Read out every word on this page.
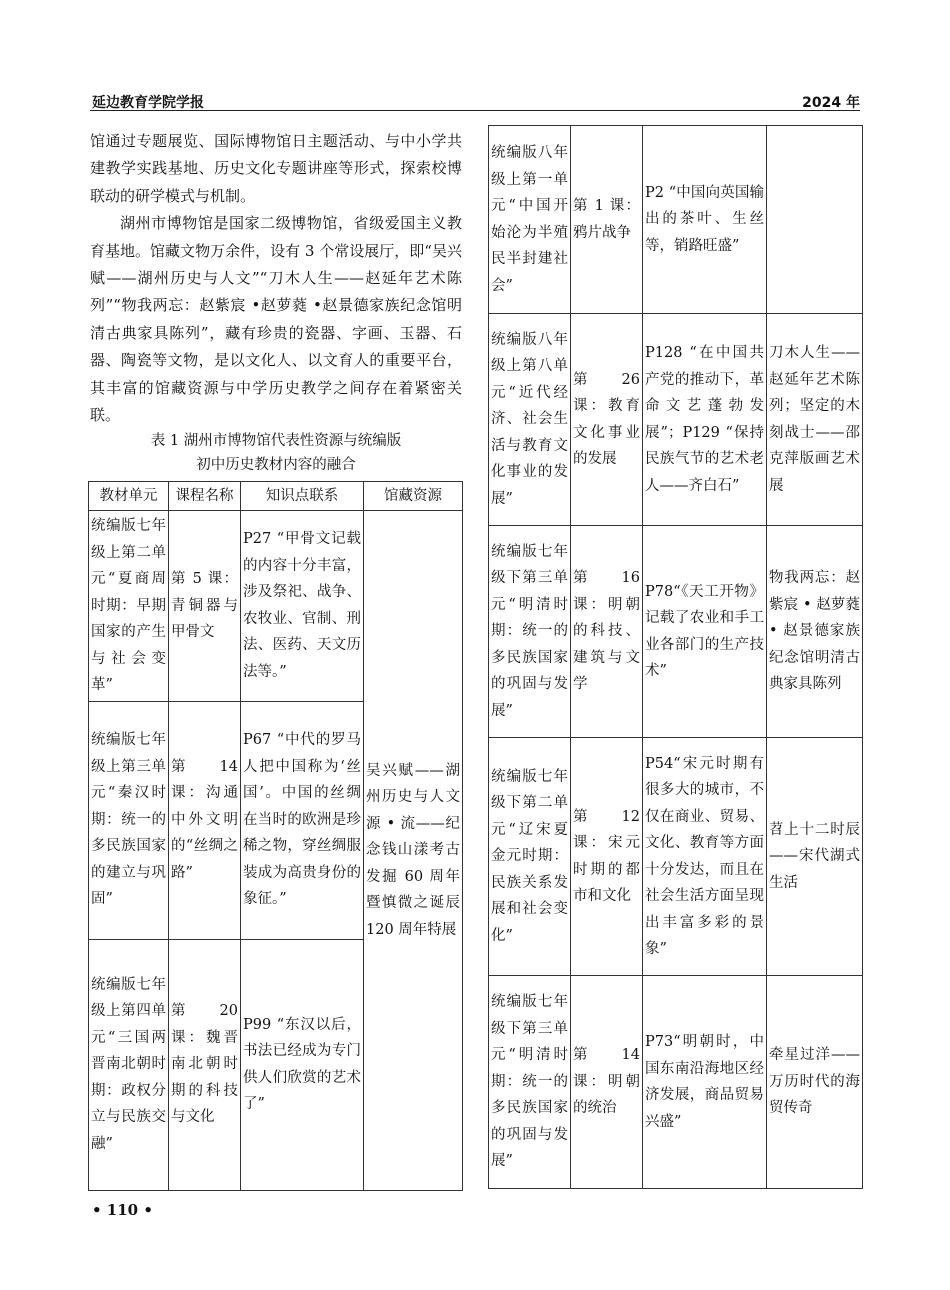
延边教育学院学报	2024 年

馆通过专题展览、国际博物馆日主题活动、与中小学共建教学实践基地、历史文化专题讲座等形式，探索校博联动的研学模式与机制。

湖州市博物馆是国家二级博物馆，省级爱国主义教育基地。馆藏文物万余件，设有 3 个常设展厅，即“吴兴赋——湖州历史与人文”“刀木人生——赵延年艺术陈列”“物我两忘：赵紫宸 •赵萝蕤 •赵景德家族纪念馆明清古典家具陈列”，藏有珍贵的瓷器、字画、玉器、石器、陶瓷等文物，是以文化人、以文育人的重要平台，其丰富的馆藏资源与中学历史教学之间存在着紧密关联。

表 1 湖州市博物馆代表性资源与统编版
初中历史教材内容的融合
教材单元	课程名称	知识点联系	馆藏资源
统编版七年级上第二单元“夏商周时期：早期国家的产生与社会变革”	第 5 课：青铜器与甲骨文	P27 “甲骨文记载的内容十分丰富，涉及祭祀、战争、农牧业、官制、刑法、医药、天文历法等。”	吴兴赋——湖州历史与人文源 • 流——纪念钱山漾考古发掘 60 周年暨慎微之诞辰 120 周年特展
统编版七年级上第三单元“秦汉时期：统一的多民族国家的建立与巩固”	第 14 课：沟通中外文明的“丝绸之路”	P67 “中代的罗马人把中国称为‘丝国’。中国的丝绸在当时的欧洲是珍稀之物，穿丝绸服装成为高贵身份的象征。”	
统编版七年级上第四单元“三国两晋南北朝时期：政权分立与民族交融”	第 20 课：魏晋南北朝时期的科技与文化	P99 “东汉以后，书法已经成为专门供人们欣赏的艺术了”	
统编版八年级上第一单元“中国开始沦为半殖民半封建社会”	第 1 课：鸦片战争	P2 “中国向英国输出的茶叶、生丝等，销路旺盛”	
统编版八年级上第八单元“近代经济、社会生活与教育文化事业的发展”	第 26 课：教育文化事业的发展	P128 “在中国共产党的推动下，革命文艺蓬勃发展”；P129 “保持民族气节的艺术老人——齐白石”	刀木人生——赵延年艺术陈列；坚定的木刻战士——邵克萍版画艺术展
统编版七年级下第三单元“明清时期：统一的多民族国家的巩固与发展”	第 16 课：明朝的科技、建筑与文学	P78“《天工开物》记载了农业和手工业各部门的生产技术”	物我两忘：赵紫宸 • 赵萝蕤 • 赵景德家族纪念馆明清古典家具陈列
统编版七年级下第二单元“辽宋夏金元时期：民族关系发展和社会变化”	第 12 课：宋元时期的都市和文化	P54“宋元时期有很多大的城市，不仅在商业、贸易、文化、教育等方面十分发达，而且在社会生活方面呈现出丰富多彩的景象”	苕上十二时辰——宋代湖式生活
统编版七年级下第三单元“明清时期：统一的多民族国家的巩固与发展”	第 14 课：明朝的统治	P73“明朝时，中国东南沿海地区经济发展，商品贸易兴盛”	牵星过洋——万历时代的海贸传奇
• 110 •
